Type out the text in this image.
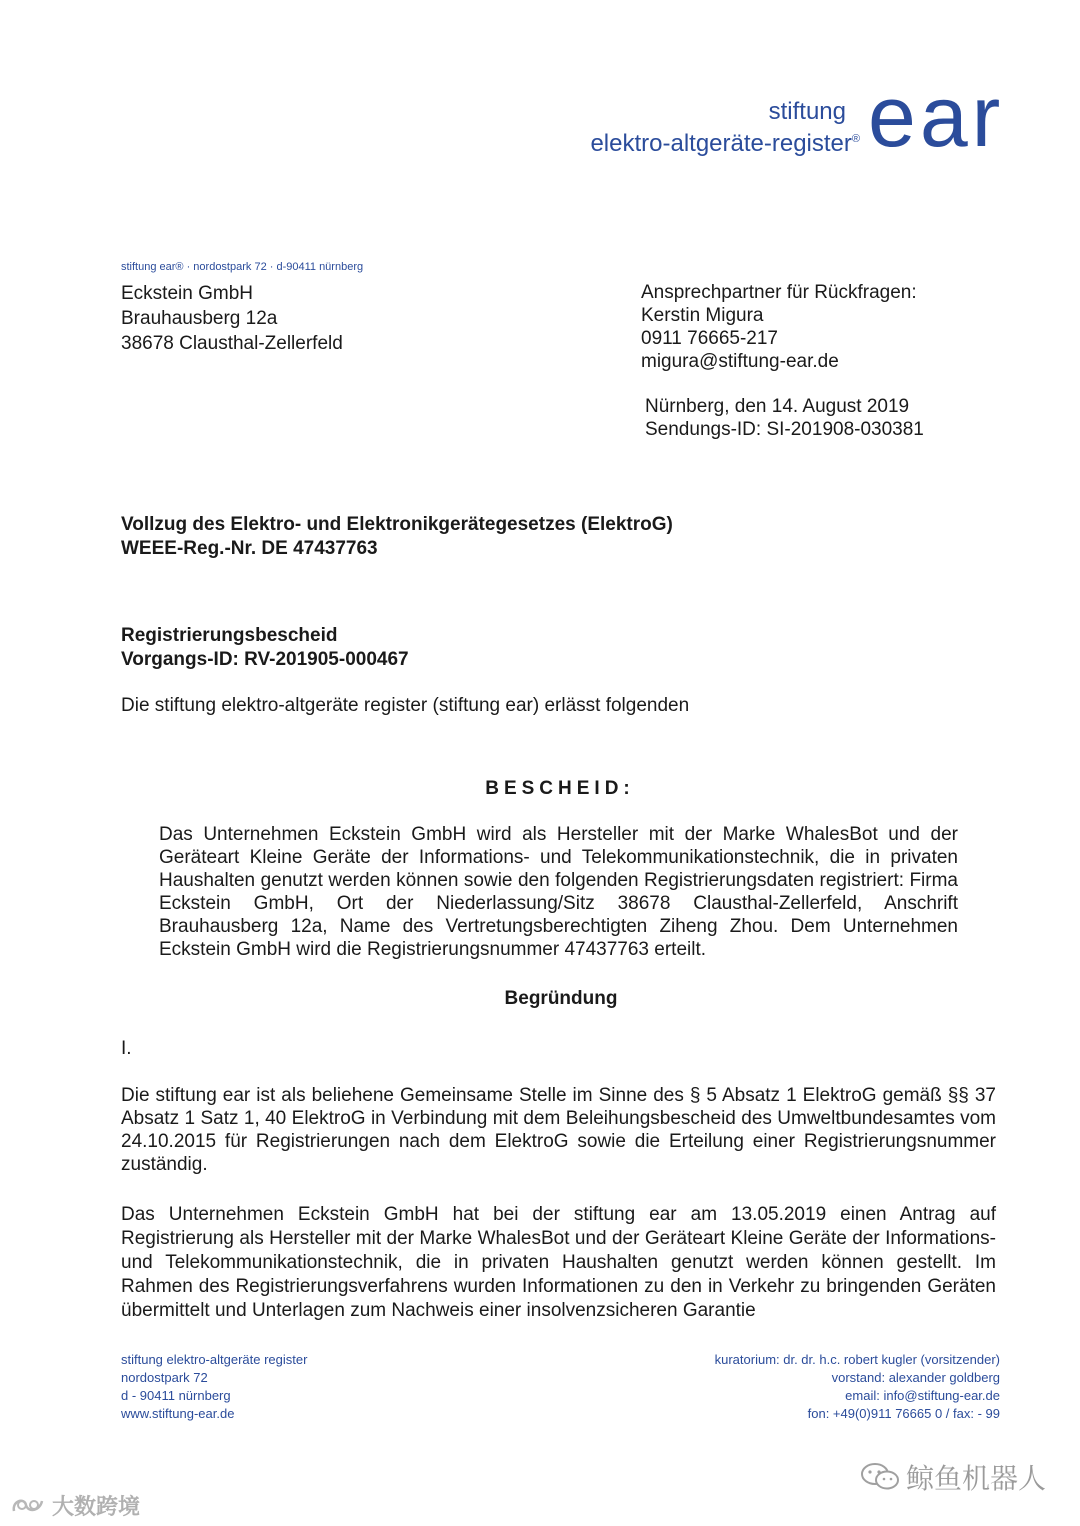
stiftung
elektro-altgeräte-register® ear
stiftung ear® · nordostpark 72 · d-90411 nürnberg
Eckstein GmbH
Brauhausberg 12a
38678 Clausthal-Zellerfeld
Ansprechpartner für Rückfragen:
Kerstin Migura
0911 76665-217
migura@stiftung-ear.de
Nürnberg, den 14. August 2019
Sendungs-ID: SI-201908-030381
Vollzug des Elektro- und Elektronikgerätegesetzes (ElektroG)
WEEE-Reg.-Nr. DE 47437763
Registrierungsbescheid
Vorgangs-ID: RV-201905-000467
Die stiftung elektro-altgeräte register (stiftung ear) erlässt folgenden
BESCHEID:
Das Unternehmen Eckstein GmbH wird als Hersteller mit der Marke WhalesBot und der Geräteart Kleine Geräte der Informations- und Telekommunikationstechnik, die in privaten Haushalten genutzt werden können sowie den folgenden Registrierungsdaten registriert: Firma Eckstein GmbH, Ort der Niederlassung/Sitz 38678 Clausthal-Zellerfeld, Anschrift Brauhausberg 12a, Name des Vertretungsberechtigten Ziheng Zhou. Dem Unternehmen Eckstein GmbH wird die Registrierungsnummer 47437763 erteilt.
Begründung
I.
Die stiftung ear ist als beliehene Gemeinsame Stelle im Sinne des § 5 Absatz 1 ElektroG gemäß §§ 37 Absatz 1 Satz 1, 40 ElektroG in Verbindung mit dem Beleihungsbescheid des Umweltbundesamtes vom 24.10.2015 für Registrierungen nach dem ElektroG sowie die Erteilung einer Registrierungsnummer zuständig.
Das Unternehmen Eckstein GmbH hat bei der stiftung ear am 13.05.2019 einen Antrag auf Registrierung als Hersteller mit der Marke WhalesBot und der Geräteart Kleine Geräte der Informations- und Telekommunikationstechnik, die in privaten Haushalten genutzt werden können gestellt. Im Rahmen des Registrierungsverfahrens wurden Informationen zu den in Verkehr zu bringenden Geräten übermittelt und Unterlagen zum Nachweis einer insolvenzsicheren Garantie
stiftung elektro-altgeräte register
nordostpark 72
d - 90411 nürnberg
www.stiftung-ear.de
kuratorium: dr. dr. h.c. robert kugler (vorsitzender)
vorstand: alexander goldberg
email: info@stiftung-ear.de
fon: +49(0)911 76665 0 / fax: - 99
鲸鱼机器人
大数跨境
